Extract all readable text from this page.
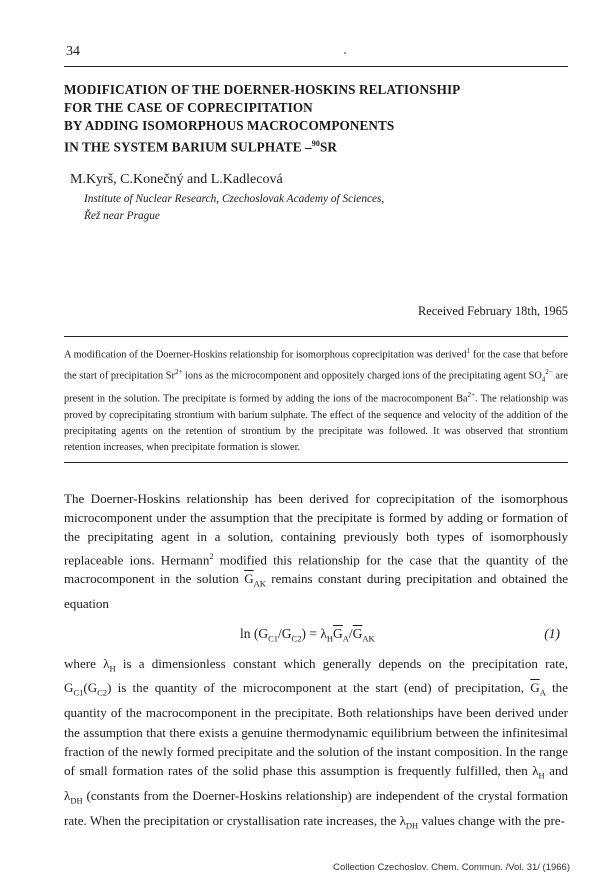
34
MODIFICATION OF THE DOERNER-HOSKINS RELATIONSHIP
FOR THE CASE OF COPRECIPITATION
BY ADDING ISOMORPHOUS MACROCOMPONENTS
IN THE SYSTEM BARIUM SULPHATE –$^{90}$SR
M.Kyrš, C.Konečný and L.Kadlecová
Institute of Nuclear Research, Czechoslovak Academy of Sciences,
Řež near Prague
Received February 18th, 1965

A modification of the Doerner-Hoskins relationship for isomorphous coprecipitation was derived$^1$ for the case that before the start of precipitation $Sr^{2+}$ ions as the microcomponent and oppositely charged ions of the precipitating agent $SO_4^{2-}$ are present in the solution. The precipitate is formed by adding the ions of the macrocomponent $Ba^{2+}$. The relationship was proved by coprecipitating strontium with barium sulphate. The effect of the sequence and velocity of the addition of the precipitating agents on the retention of strontium by the precipitate was followed. It was observed that strontium retention increases, when precipitate formation is slower.

The Doerner-Hoskins relationship has been derived for coprecipitation of the isomorphous microcomponent under the assumption that the precipitate is formed by adding or formation of the precipitating agent in a solution, containing previously both types of isomorphously replaceable ions. Hermann$^2$ modified this relationship for the case that the quantity of the macrocomponent in the solution $\overline{G}_{AK}$ remains constant during precipitation and obtained the equation

$\ln (G_{C1}/G_{C2}) = \lambda_H\overline{G}_A/\overline{G}_{AK}$	(1)

where $\lambda_H$ is a dimensionless constant which generally depends on the precipitation rate, $G_{C1}(G_{C2})$ is the quantity of the microcomponent at the start (end) of precipitation, $\overline{G}_A$ the quantity of the macrocomponent in the precipitate. Both relationships have been derived under the assumption that there exists a genuine thermodynamic equilibrium between the infinitesimal fraction of the newly formed precipitate and the solution of the instant composition. In the range of small formation rates of the solid phase this assumption is frequently fulfilled, then $\lambda_H$ and $\lambda_{DH}$ (constants from the Doerner-Hoskins relationship) are independent of the crystal formation rate. When the precipitation or crystallisation rate increases, the $\lambda_{DH}$ values change with the pre-

Collection Czechoslov. Chem. Commun. /Vol. 31/ (1966)
